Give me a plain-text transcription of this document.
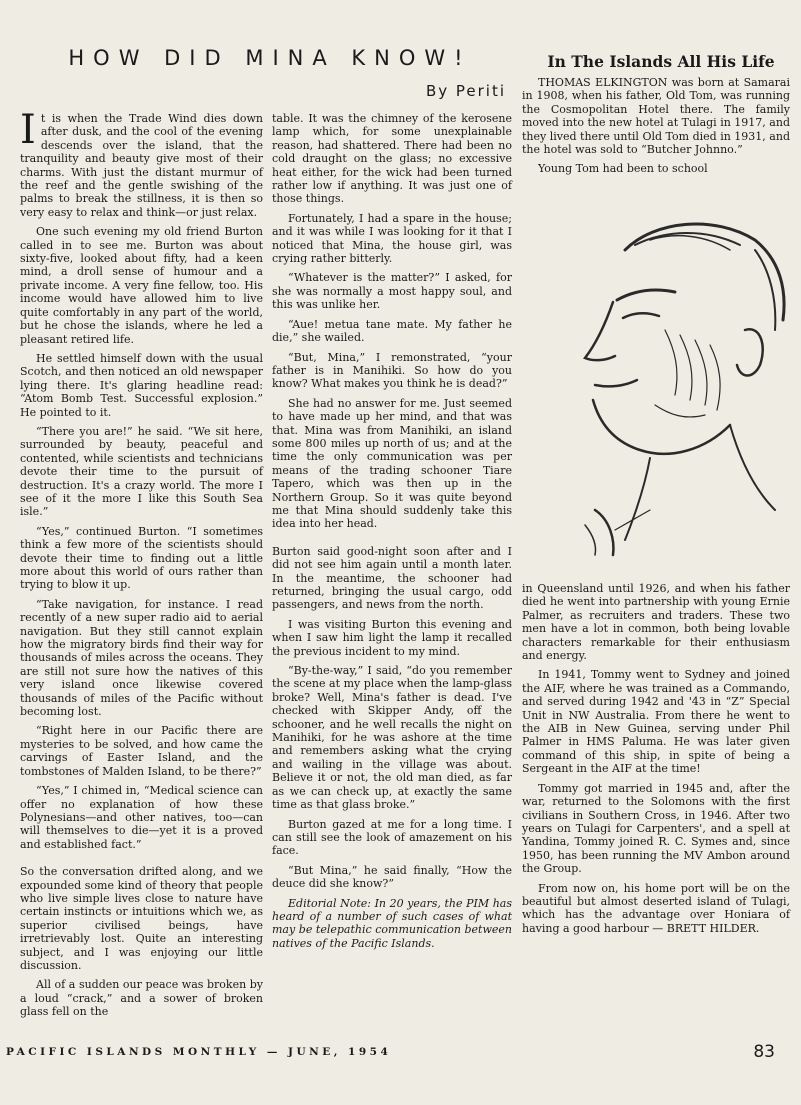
HOW DID MINA KNOW!
By Periti
In The Islands All His Life

It is when the Trade Wind dies down after dusk, and the cool of the evening descends over the island, that the tranquility and beauty give most of their charms. With just the distant murmur of the reef and the gentle swishing of the palms to break the stillness, it is then so very easy to relax and think—or just relax.

One such evening my old friend Burton called in to see me. Burton was about sixty-five, looked about fifty, had a keen mind, a droll sense of humour and a private income. A very fine fellow, too. His income would have allowed him to live quite comfortably in any part of the world, but he chose the islands, where he led a pleasant retired life.

He settled himself down with the usual Scotch, and then noticed an old newspaper lying there. It's glaring headline read: “Atom Bomb Test. Successful explosion.” He pointed to it.

“There you are!” he said. “We sit here, surrounded by beauty, peaceful and contented, while scientists and technicians devote their time to the pursuit of destruction. It's a crazy world. The more I see of it the more I like this South Sea isle.”

“Yes,” continued Burton. “I sometimes think a few more of the scientists should devote their time to finding out a little more about this world of ours rather than trying to blow it up.

“Take navigation, for instance. I read recently of a new super radio aid to aerial navigation. But they still cannot explain how the migratory birds find their way for thousands of miles across the oceans. They are still not sure how the natives of this very island once likewise covered thousands of miles of the Pacific without becoming lost.

“Right here in our Pacific there are mysteries to be solved, and how came the carvings of Easter Island, and the tombstones of Malden Island, to be there?”

“Yes,” I chimed in, “Medical science can offer no explanation of how these Polynesians—and other natives, too—can will themselves to die—yet it is a proved and established fact.”

So the conversation drifted along, and we expounded some kind of theory that people who live simple lives close to nature have certain instincts or intuitions which we, as superior civilised beings, have irretrievably lost. Quite an interesting subject, and I was enjoying our little discussion.

All of a sudden our peace was broken by a loud “crack,” and a sower of broken glass fell on the

table. It was the chimney of the kerosene lamp which, for some unexplainable reason, had shattered. There had been no cold draught on the glass; no excessive heat either, for the wick had been turned rather low if anything. It was just one of those things.

Fortunately, I had a spare in the house; and it was while I was looking for it that I noticed that Mina, the house girl, was crying rather bitterly.

“Whatever is the matter?” I asked, for she was normally a most happy soul, and this was unlike her.

“Aue! metua tane mate. My father he die,” she wailed.

“But, Mina,” I remonstrated, “your father is in Manihiki. So how do you know? What makes you think he is dead?”

She had no answer for me. Just seemed to have made up her mind, and that was that. Mina was from Manihiki, an island some 800 miles up north of us; and at the time the only communication was per means of the trading schooner Tiare Tapero, which was then up in the Northern Group. So it was quite beyond me that Mina should suddenly take this idea into her head.

Burton said good-night soon after and I did not see him again until a month later. In the meantime, the schooner had returned, bringing the usual cargo, odd passengers, and news from the north.

I was visiting Burton this evening and when I saw him light the lamp it recalled the previous incident to my mind.

“By-the-way,” I said, “do you remember the scene at my place when the lamp-glass broke? Well, Mina's father is dead. I've checked with Skipper Andy, off the schooner, and he well recalls the night on Manihiki, for he was ashore at the time and remembers asking what the crying and wailing in the village was about. Believe it or not, the old man died, as far as we can check up, at exactly the same time as that glass broke.”

Burton gazed at me for a long time. I can still see the look of amazement on his face.

“But Mina,” he said finally, “How the deuce did she know?”

Editorial Note: In 20 years, the PIM has heard of a number of such cases of what may be telepathic communication between natives of the Pacific Islands.

THOMAS ELKINGTON was born at Samarai in 1908, when his father, Old Tom, was running the Cosmopolitan Hotel there. The family moved into the new hotel at Tulagi in 1917, and they lived there until Old Tom died in 1931, and the hotel was sold to “Butcher Johnno.”

Young Tom had been to school

in Queensland until 1926, and when his father died he went into partnership with young Ernie Palmer, as recruiters and traders. These two men have a lot in common, both being lovable characters remarkable for their enthusiasm and energy.

In 1941, Tommy went to Sydney and joined the AIF, where he was trained as a Commando, and served during 1942 and '43 in “Z” Special Unit in NW Australia. From there he went to the AIB in New Guinea, serving under Phil Palmer in HMS Paluma. He was later given command of this ship, in spite of being a Sergeant in the AIF at the time!

Tommy got married in 1945 and, after the war, returned to the Solomons with the first civilians in Southern Cross, in 1946. After two years on Tulagi for Carpenters', and a spell at Yandina, Tommy joined R. C. Symes and, since 1950, has been running the MV Ambon around the Group.

From now on, his home port will be on the beautiful but almost deserted island of Tulagi, which has the advantage over Honiara of having a good harbour — BRETT HILDER.

PACIFIC ISLANDS MONTHLY — JUNE, 1954	83
